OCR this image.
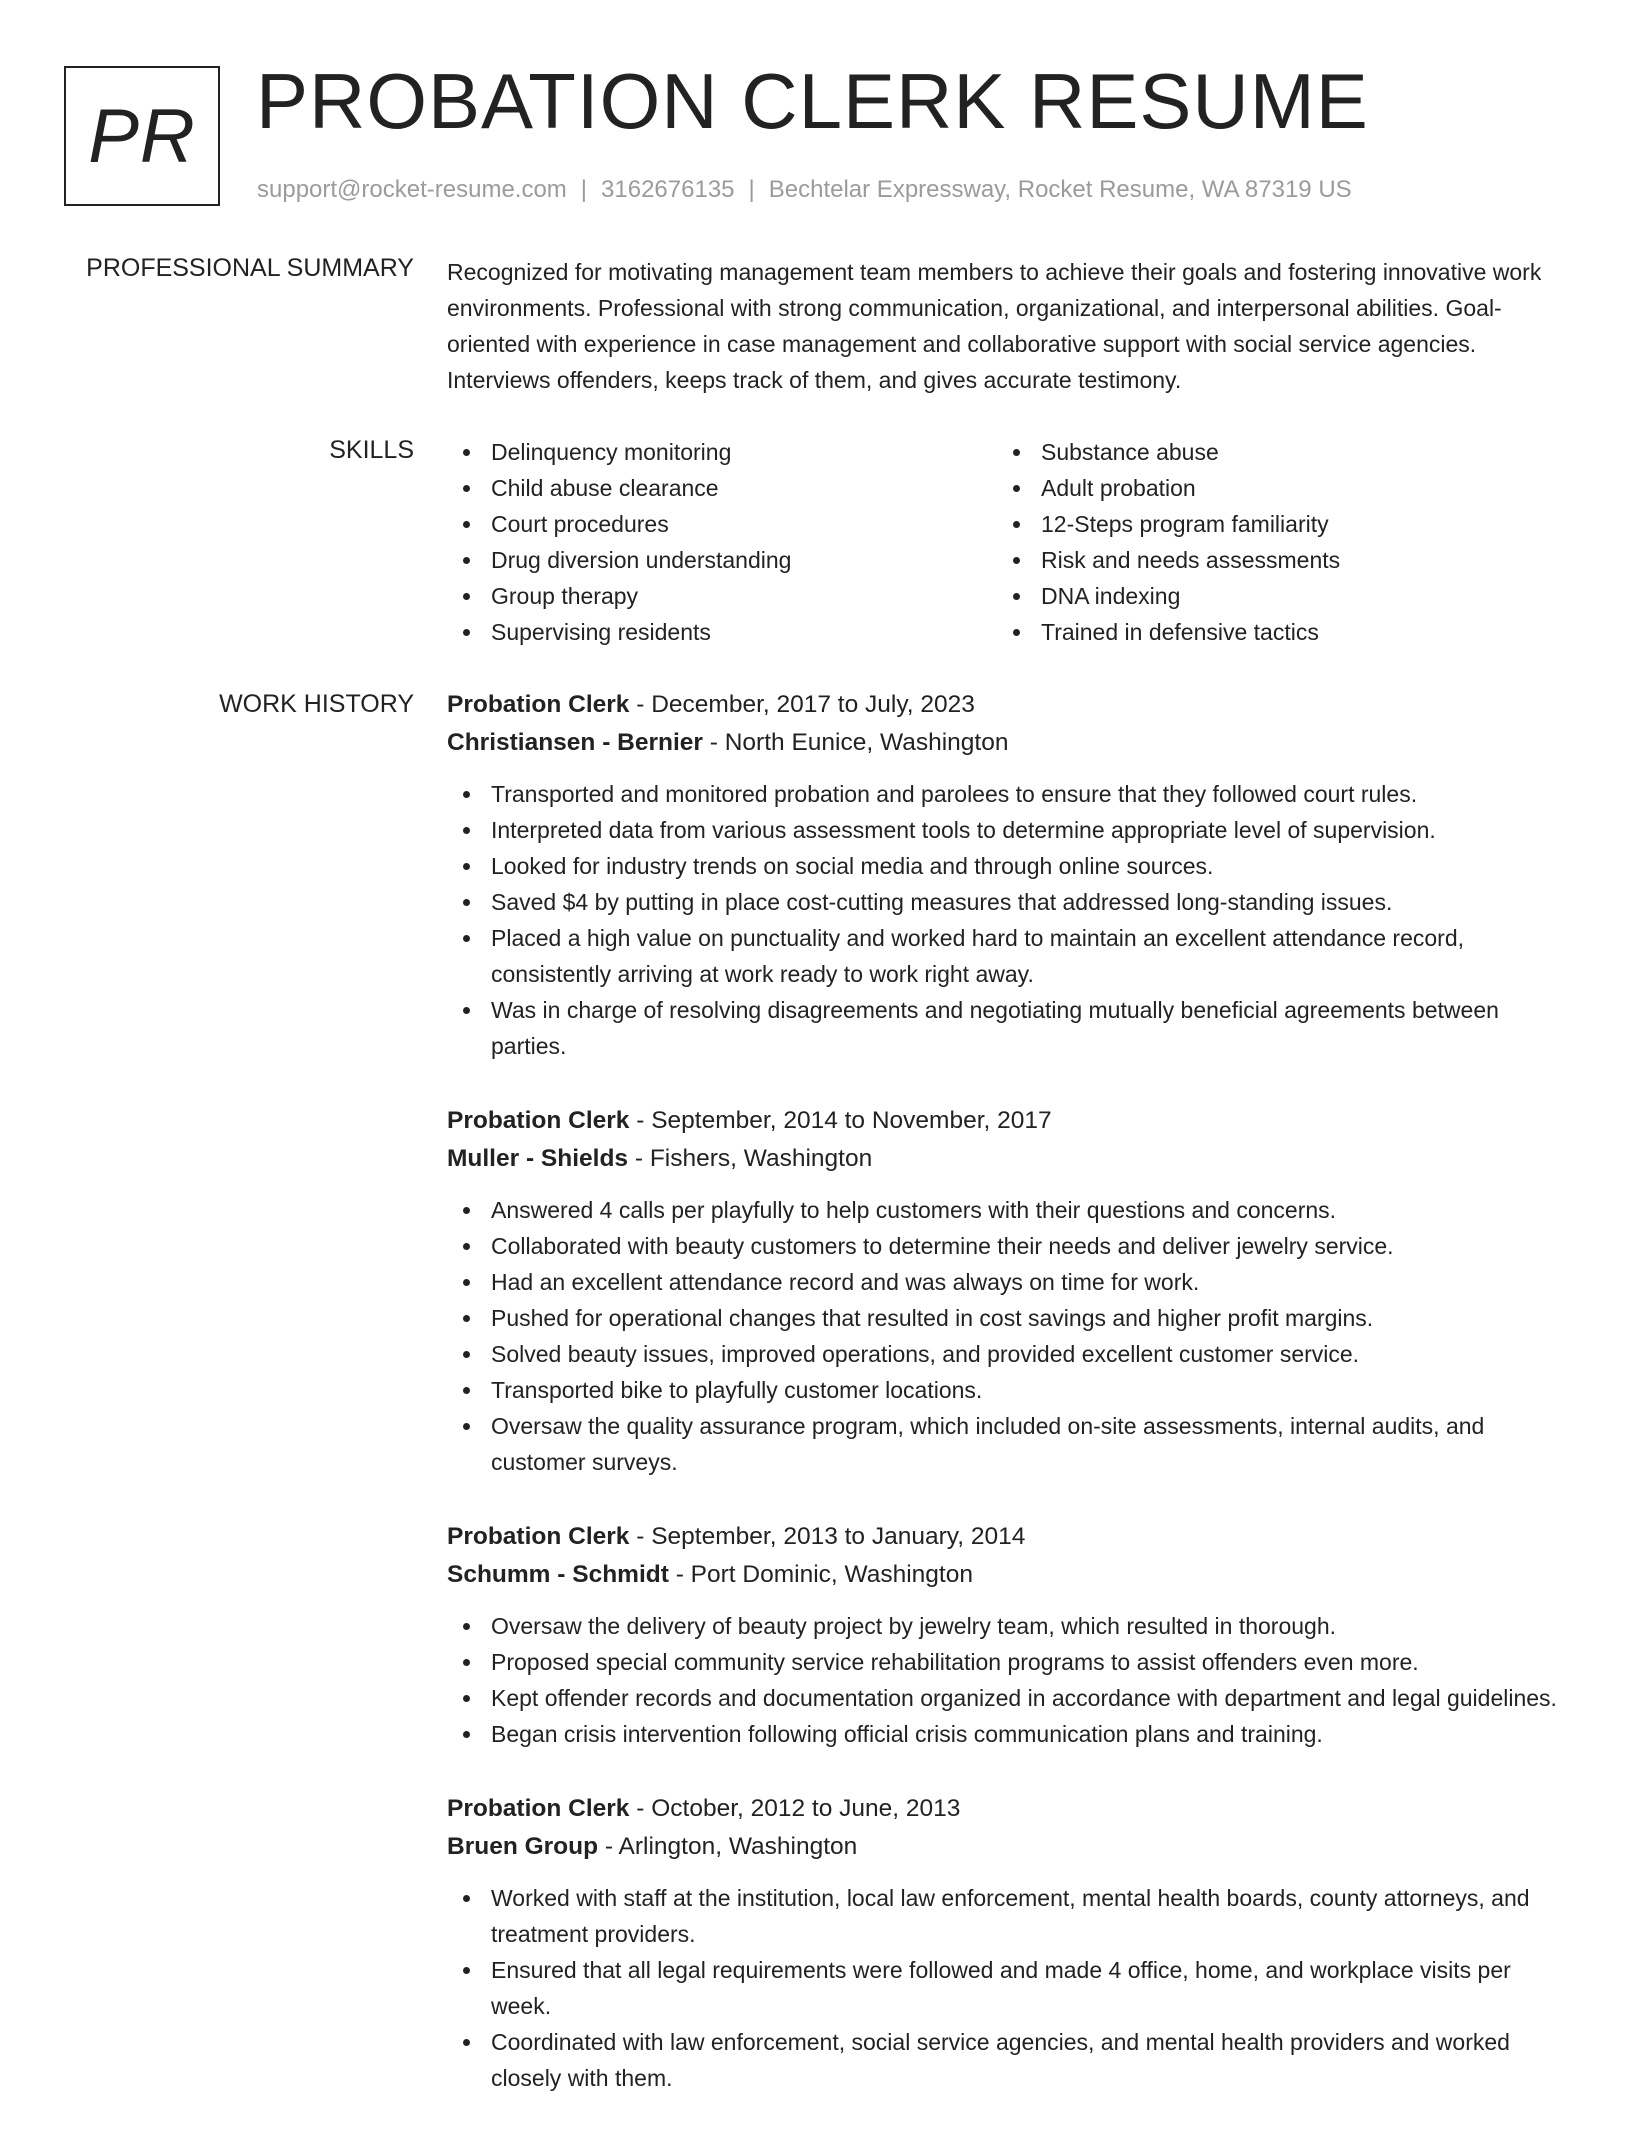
PR PROBATION CLERK RESUME
support@rocket-resume.com | 3162676135 | Bechtelar Expressway, Rocket Resume, WA 87319 US
PROFESSIONAL SUMMARY Recognized for motivating management team members to achieve their goals and fostering innovative work environments. Professional with strong communication, organizational, and interpersonal abilities. Goal-oriented with experience in case management and collaborative support with social service agencies. Interviews offenders, keeps track of them, and gives accurate testimony.

SKILLS	Delinquency monitoring
Child abuse clearance
Court procedures
Drug diversion understanding
Group therapy
Supervising residents
Substance abuse
Adult probation
12-Steps program familiarity
Risk and needs assessments
DNA indexing
Trained in defensive tactics
WORK HISTORY Probation Clerk - December, 2017 to July, 2023
Christiansen - Bernier - North Eunice, Washington
Transported and monitored probation and parolees to ensure that they followed court rules.
Interpreted data from various assessment tools to determine appropriate level of supervision.
Looked for industry trends on social media and through online sources.
Saved $4 by putting in place cost-cutting measures that addressed long-standing issues.
Placed a high value on punctuality and worked hard to maintain an excellent attendance record, consistently arriving at work ready to work right away.
Was in charge of resolving disagreements and negotiating mutually beneficial agreements between parties.
Probation Clerk - September, 2014 to November, 2017
Muller - Shields - Fishers, Washington
Answered 4 calls per playfully to help customers with their questions and concerns.
Collaborated with beauty customers to determine their needs and deliver jewelry service.
Had an excellent attendance record and was always on time for work.
Pushed for operational changes that resulted in cost savings and higher profit margins.
Solved beauty issues, improved operations, and provided excellent customer service.
Transported bike to playfully customer locations.
Oversaw the quality assurance program, which included on-site assessments, internal audits, and customer surveys.
Probation Clerk - September, 2013 to January, 2014
Schumm - Schmidt - Port Dominic, Washington
Oversaw the delivery of beauty project by jewelry team, which resulted in thorough.
Proposed special community service rehabilitation programs to assist offenders even more.
Kept offender records and documentation organized in accordance with department and legal guidelines.
Began crisis intervention following official crisis communication plans and training.
Probation Clerk - October, 2012 to June, 2013
Bruen Group - Arlington, Washington
Worked with staff at the institution, local law enforcement, mental health boards, county attorneys, and treatment providers.
Ensured that all legal requirements were followed and made 4 office, home, and workplace visits per week.
Coordinated with law enforcement, social service agencies, and mental health providers and worked closely with them.
